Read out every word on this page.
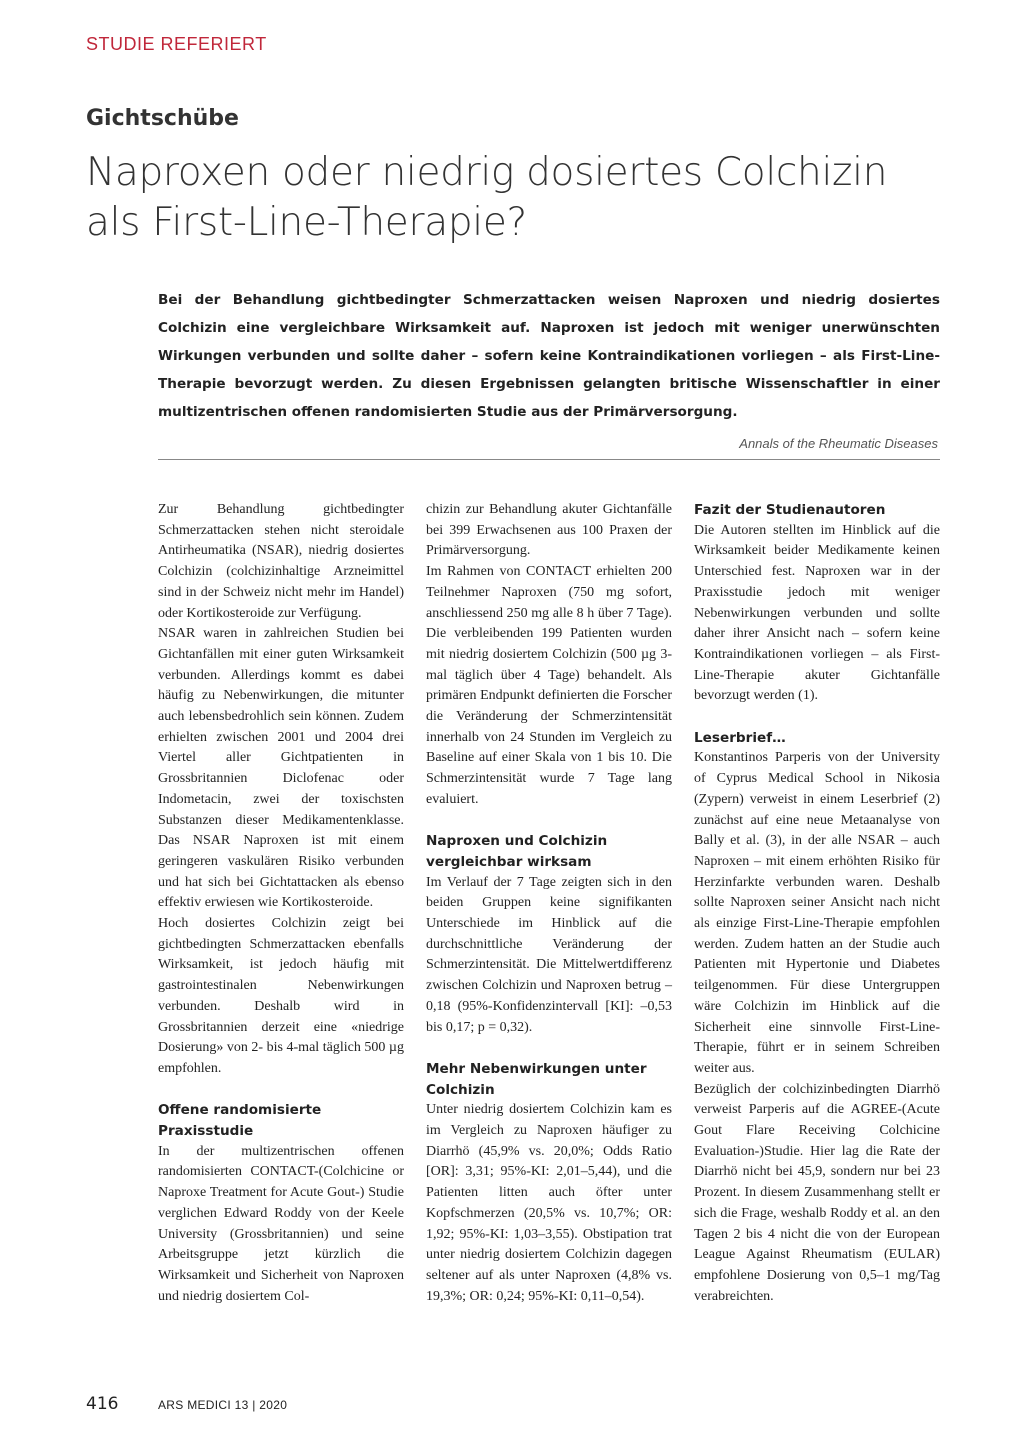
STUDIE REFERIERT
Gichtschübe
Naproxen oder niedrig dosiertes Colchizin
als First-Line-Therapie?
Bei der Behandlung gichtbedingter Schmerzattacken weisen Naproxen und niedrig dosiertes Colchizin eine vergleichbare Wirksamkeit auf. Naproxen ist jedoch mit weniger unerwünschten Wirkungen verbunden und sollte daher – sofern keine Kontraindikationen vorliegen – als First-Line-Therapie bevorzugt werden. Zu diesen Ergebnissen gelangten britische Wissenschaftler in einer multizentrischen offenen randomisierten Studie aus der Primärversorgung.
Annals of the Rheumatic Diseases

Zur Behandlung gichtbedingter Schmerzattacken stehen nicht steroidale Antirheumatika (NSAR), niedrig dosiertes Colchizin (colchizinhaltige Arzneimittel sind in der Schweiz nicht mehr im Handel) oder Kortikosteroide zur Verfügung.

NSAR waren in zahlreichen Studien bei Gichtanfällen mit einer guten Wirksamkeit verbunden. Allerdings kommt es dabei häufig zu Nebenwirkungen, die mitunter auch lebensbedrohlich sein können. Zudem erhielten zwischen 2001 und 2004 drei Viertel aller Gichtpatienten in Grossbritannien Diclofenac oder Indometacin, zwei der toxischsten Substanzen dieser Medikamentenklasse. Das NSAR Naproxen ist mit einem geringeren vaskulären Risiko verbunden und hat sich bei Gichtattacken als ebenso effektiv erwiesen wie Kortikosteroide.

Hoch dosiertes Colchizin zeigt bei gichtbedingten Schmerzattacken ebenfalls Wirksamkeit, ist jedoch häufig mit gastrointestinalen Nebenwirkungen verbunden. Deshalb wird in Grossbritannien derzeit eine «niedrige Dosierung» von 2- bis 4-mal täglich 500 µg empfohlen.

Offene randomisierte Praxisstudie

In der multizentrischen offenen randomisierten CONTACT-(Colchicine or Naproxe Treatment for Acute Gout-) Studie verglichen Edward Roddy von der Keele University (Grossbritannien) und seine Arbeitsgruppe jetzt kürzlich die Wirksamkeit und Sicherheit von Naproxen und niedrig dosiertem Col-

chizin zur Behandlung akuter Gichtanfälle bei 399 Erwachsenen aus 100 Praxen der Primärversorgung.

Im Rahmen von CONTACT erhielten 200 Teilnehmer Naproxen (750 mg sofort, anschliessend 250 mg alle 8 h über 7 Tage). Die verbleibenden 199 Patienten wurden mit niedrig dosiertem Colchizin (500 µg 3-mal täglich über 4 Tage) behandelt. Als primären Endpunkt definierten die Forscher die Veränderung der Schmerzintensität innerhalb von 24 Stunden im Vergleich zu Baseline auf einer Skala von 1 bis 10. Die Schmerzintensität wurde 7 Tage lang evaluiert.

Naproxen und Colchizin vergleichbar wirksam

Im Verlauf der 7 Tage zeigten sich in den beiden Gruppen keine signifikanten Unterschiede im Hinblick auf die durchschnittliche Veränderung der Schmerzintensität. Die Mittelwertdifferenz zwischen Colchizin und Naproxen betrug –0,18 (95%-Konfidenzintervall [KI]: –0,53 bis 0,17; p = 0,32).

Mehr Nebenwirkungen unter Colchizin

Unter niedrig dosiertem Colchizin kam es im Vergleich zu Naproxen häufiger zu Diarrhö (45,9% vs. 20,0%; Odds Ratio [OR]: 3,31; 95%-KI: 2,01–5,44), und die Patienten litten auch öfter unter Kopfschmerzen (20,5% vs. 10,7%; OR: 1,92; 95%-KI: 1,03–3,55). Obstipation trat unter niedrig dosiertem Colchizin dagegen seltener auf als unter Naproxen (4,8% vs. 19,3%; OR: 0,24; 95%-KI: 0,11–0,54).

Fazit der Studienautoren

Die Autoren stellten im Hinblick auf die Wirksamkeit beider Medikamente keinen Unterschied fest. Naproxen war in der Praxisstudie jedoch mit weniger Nebenwirkungen verbunden und sollte daher ihrer Ansicht nach – sofern keine Kontraindikationen vorliegen – als First-Line-Therapie akuter Gichtanfälle bevorzugt werden (1).

Leserbrief…

Konstantinos Parperis von der University of Cyprus Medical School in Nikosia (Zypern) verweist in einem Leserbrief (2) zunächst auf eine neue Metaanalyse von Bally et al. (3), in der alle NSAR – auch Naproxen – mit einem erhöhten Risiko für Herzinfarkte verbunden waren. Deshalb sollte Naproxen seiner Ansicht nach nicht als einzige First-Line-Therapie empfohlen werden. Zudem hatten an der Studie auch Patienten mit Hypertonie und Diabetes teilgenommen. Für diese Untergruppen wäre Colchizin im Hinblick auf die Sicherheit eine sinnvolle First-Line-Therapie, führt er in seinem Schreiben weiter aus.

Bezüglich der colchizinbedingten Diarrhö verweist Parperis auf die AGREE-(Acute Gout Flare Receiving Colchicine Evaluation-)Studie. Hier lag die Rate der Diarrhö nicht bei 45,9, sondern nur bei 23 Prozent. In diesem Zusammenhang stellt er sich die Frage, weshalb Roddy et al. an den Tagen 2 bis 4 nicht die von der European League Against Rheumatism (EULAR) empfohlene Dosierung von 0,5–1 mg/Tag verabreichten.

416	ARS MEDICI 13 | 2020
